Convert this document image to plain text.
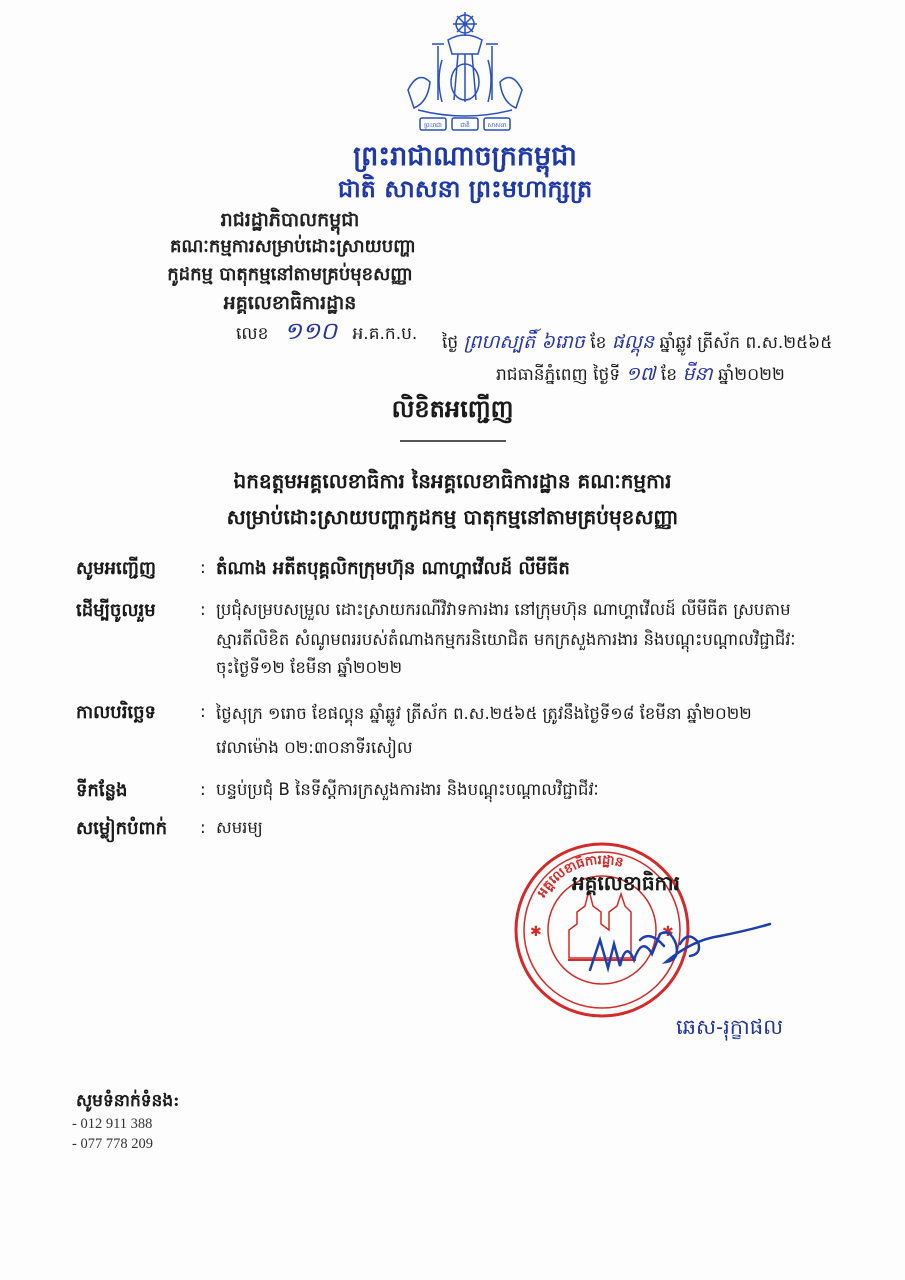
ព្រះរាជា	ជាតិ	សាសនា
ព្រះរាជាណាចក្រកម្ពុជា
ជាតិ សាសនា ព្រះមហាក្សត្រ
រាជរដ្ឋាភិបាលកម្ពុជា
គណៈកម្មការសម្រាប់ដោះស្រាយបញ្ហា
កូដកម្ម បាតុកម្មនៅតាមគ្រប់មុខសញ្ញា
អគ្គលេខាធិការដ្ឋាន
លេខ ១១០ អ.គ.ក.ប. ថ្ងៃ ព្រហស្បតិ៍ ៦រោច ខែ ផល្គុន ឆ្នាំឆ្លូវ ត្រីស័ក ព.ស.២៥៦៥
រាជធានីភ្នំពេញ ថ្ងៃទី ១៧ ខែ មីនា ឆ្នាំ២០២២
លិខិតអញ្ជើញ
ឯកឧត្តមអគ្គលេខាធិការ នៃអគ្គលេខាធិការដ្ឋាន គណៈកម្មការ
សម្រាប់ដោះស្រាយបញ្ហាកូដកម្ម បាតុកម្មនៅតាមគ្រប់មុខសញ្ញា
សូមអញ្ជើញ	: តំណាង អតីតបុគ្គលិកក្រុមហ៊ុន ណាហ្គាវើលដ៍ លីមីធីត
ដើម្បីចូលរួម	: ប្រជុំសម្របសម្រួល ដោះស្រាយករណីវិវាទការងារ នៅក្រុមហ៊ុន ណាហ្គាវើលដ៍ លីមីធីត ស្របតាម
ស្មារតីលិខិត សំណូមពររបស់តំណាងកម្មករនិយោជិត មកក្រសួងការងារ និងបណ្ដុះបណ្ដាលវិជ្ជាជីវៈ
ចុះថ្ងៃទី១២ ខែមីនា ឆ្នាំ២០២២
កាលបរិច្ឆេទ	: ថ្ងៃសុក្រ ១រោច ខែផល្គុន ឆ្នាំឆ្លូវ ត្រីស័ក ព.ស.២៥៦៥ ត្រូវនឹងថ្ងៃទី១៨ ខែមីនា ឆ្នាំ២០២២
វេលាម៉ោង ០២:៣០នាទីរសៀល
ទីកន្លែង	: បន្ទប់ប្រជុំ B នៃទីស្ដីការក្រសួងការងារ និងបណ្ដុះបណ្ដាលវិជ្ជាជីវៈ
សម្លៀកបំពាក់ : សមរម្យ
អគ្គលេខាធិការដ្ឋាន
✱	✱
អគ្គលេខាធិការ
ឆេស-រុក្ខាផល
សូមទំនាក់ទំនង:
- 012 911 388
- 077 778 209
